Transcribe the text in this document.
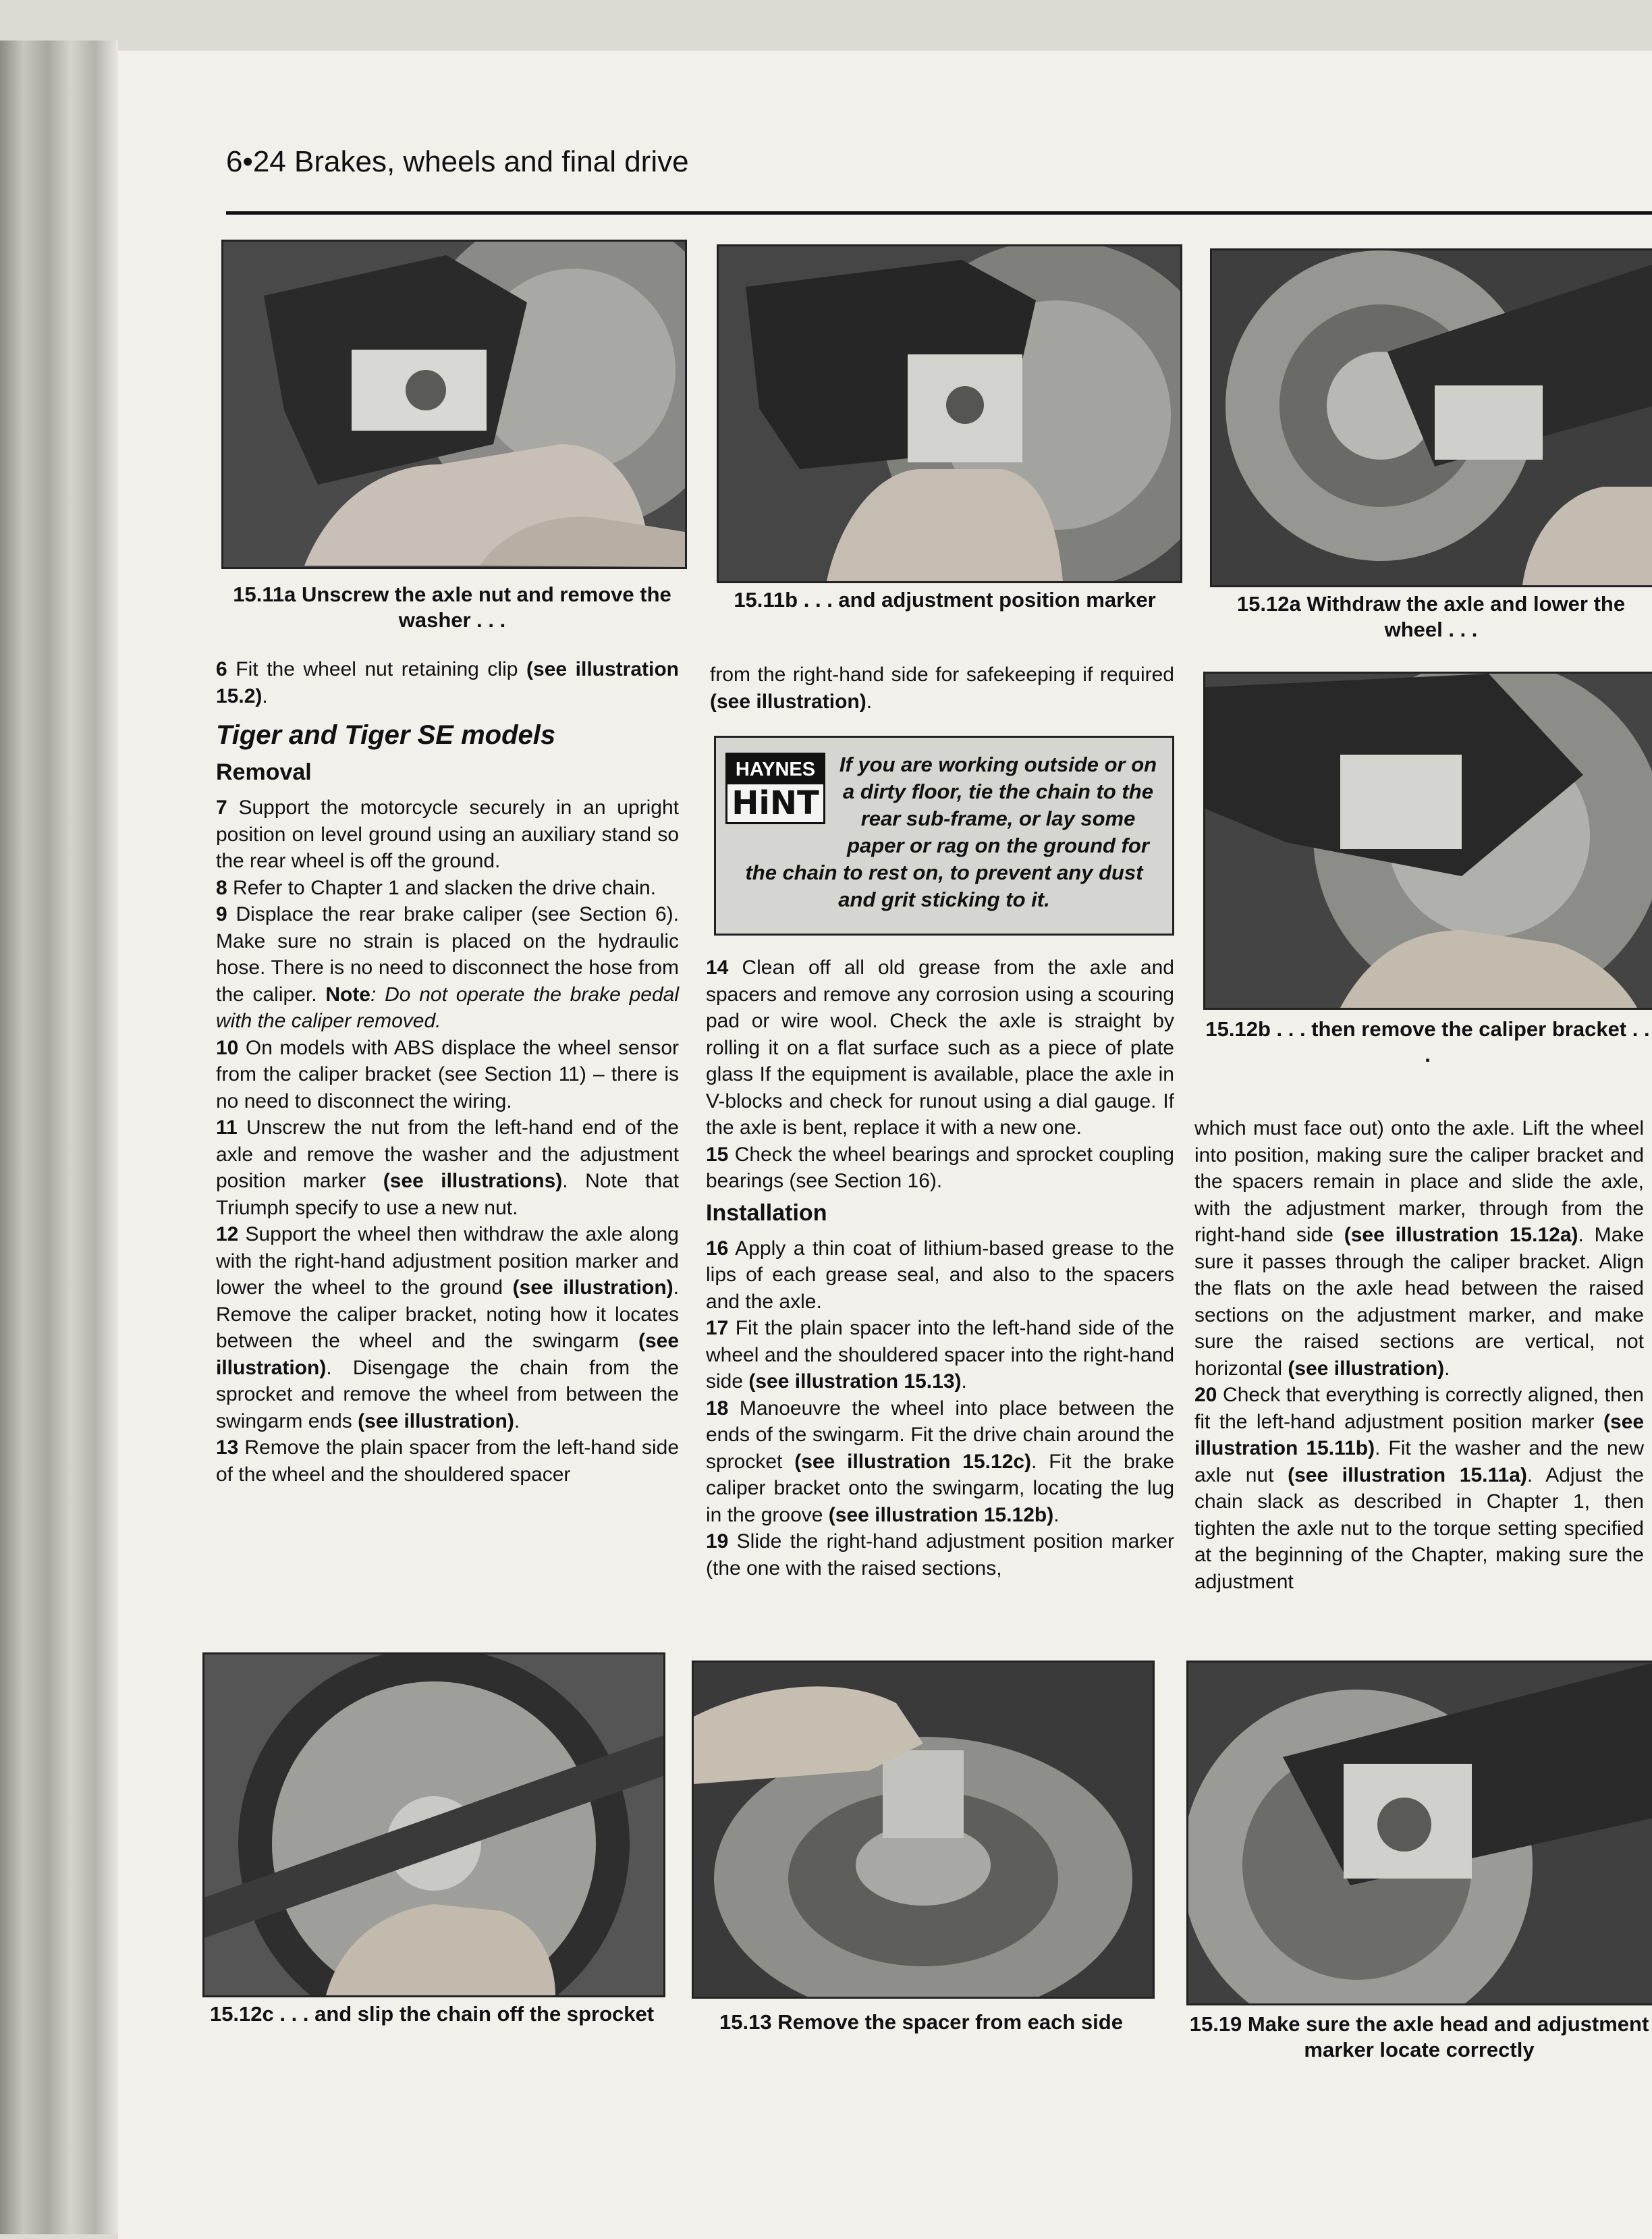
6•24 Brakes, wheels and final drive
15.11a Unscrew the axle nut and remove the washer . . .
15.11b . . . and adjustment position marker	15.12a Withdraw the axle and lower the wheel . . .
15.12b . . . then remove the caliper bracket . . .
15.12c . . . and slip the chain off the sprocket	15.13 Remove the spacer from each side	15.19 Make sure the axle head and adjustment marker locate correctly

6 Fit the wheel nut retaining clip (see illustration 15.2).

Tiger and Tiger SE models
Removal

7 Support the motorcycle securely in an upright position on level ground using an auxiliary stand so the rear wheel is off the ground.

8 Refer to Chapter 1 and slacken the drive chain.

9 Displace the rear brake caliper (see Section 6). Make sure no strain is placed on the hydraulic hose. There is no need to disconnect the hose from the caliper. Note: Do not operate the brake pedal with the caliper removed.

10 On models with ABS displace the wheel sensor from the caliper bracket (see Section 11) – there is no need to disconnect the wiring.

11 Unscrew the nut from the left-hand end of the axle and remove the washer and the adjustment position marker (see illustrations). Note that Triumph specify to use a new nut.

12 Support the wheel then withdraw the axle along with the right-hand adjustment position marker and lower the wheel to the ground (see illustration). Remove the caliper bracket, noting how it locates between the wheel and the swingarm (see illustration). Disengage the chain from the sprocket and remove the wheel from between the swingarm ends (see illustration).

13 Remove the plain spacer from the left-hand side of the wheel and the shouldered spacer

from the right-hand side for safekeeping if required (see illustration).

If you are working outside or on a dirty floor, tie the chain to the rear sub-frame, or lay some paper or rag on the ground for the chain to rest on, to prevent any dust and grit sticking to it.
HAYNES
HiNT

14 Clean off all old grease from the axle and spacers and remove any corrosion using a scouring pad or wire wool. Check the axle is straight by rolling it on a flat surface such as a piece of plate glass If the equipment is available, place the axle in V-blocks and check for runout using a dial gauge. If the axle is bent, replace it with a new one.

15 Check the wheel bearings and sprocket coupling bearings (see Section 16).

Installation

16 Apply a thin coat of lithium-based grease to the lips of each grease seal, and also to the spacers and the axle.

17 Fit the plain spacer into the left-hand side of the wheel and the shouldered spacer into the right-hand side (see illustration 15.13).

18 Manoeuvre the wheel into place between the ends of the swingarm. Fit the drive chain around the sprocket (see illustration 15.12c). Fit the brake caliper bracket onto the swingarm, locating the lug in the groove (see illustration 15.12b).

19 Slide the right-hand adjustment position marker (the one with the raised sections,

which must face out) onto the axle. Lift the wheel into position, making sure the caliper bracket and the spacers remain in place and slide the axle, with the adjustment marker, through from the right-hand side (see illustration 15.12a). Make sure it passes through the caliper bracket. Align the flats on the axle head between the raised sections on the adjustment marker, and make sure the raised sections are vertical, not horizontal (see illustration).

20 Check that everything is correctly aligned, then fit the left-hand adjustment position marker (see illustration 15.11b). Fit the washer and the new axle nut (see illustration 15.11a). Adjust the chain slack as described in Chapter 1, then tighten the axle nut to the torque setting specified at the beginning of the Chapter, making sure the adjustment
